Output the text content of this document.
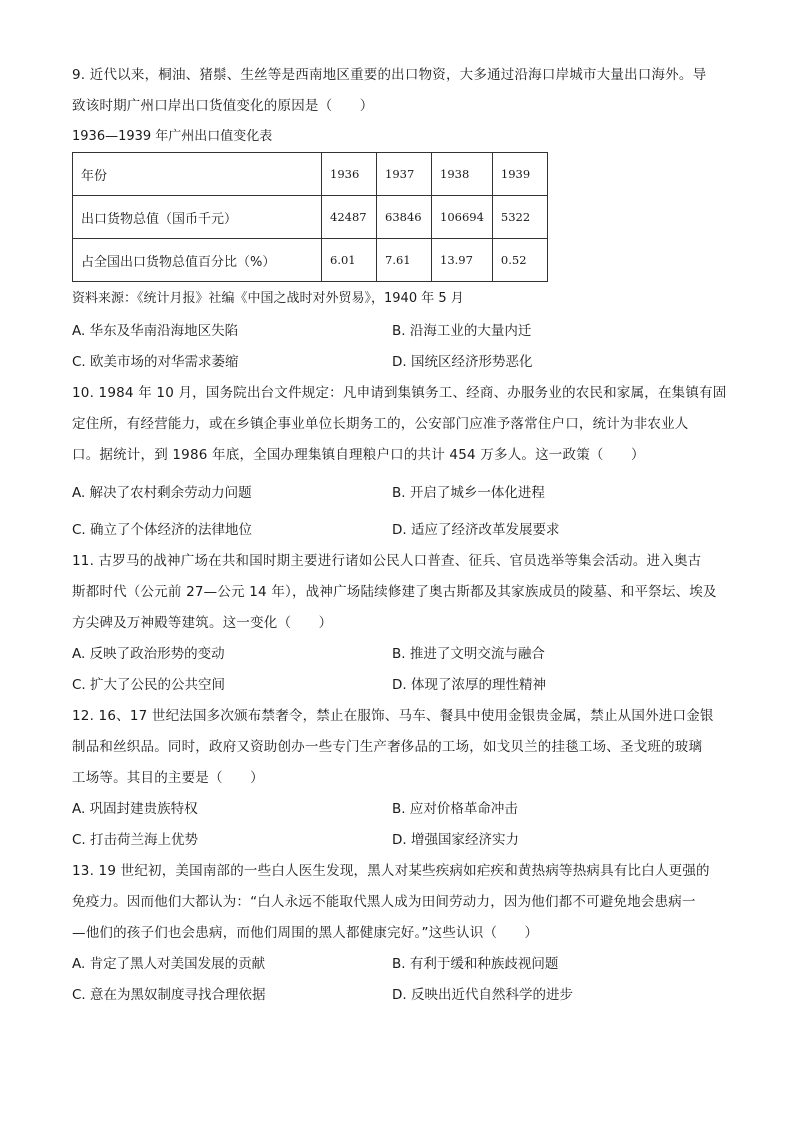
9. 近代以来，桐油、猪鬃、生丝等是西南地区重要的出口物资，大多通过沿海口岸城市大量出口海外。导

致该时期广州口岸出口货值变化的原因是（　　）

1936—1939 年广州出口值变化表
年份	1936	1937	1938	1939
出口货物总值（国币千元）	42487	63846	106694	5322
占全国出口货物总值百分比（%）	6.01	7.61	13.97	0.52
资料来源：《统计月报》社编《中国之战时对外贸易》，1940 年 5 月
A. 华东及华南沿海地区失陷	B. 沿海工业的大量内迁
C. 欧美市场的对华需求萎缩	D. 国统区经济形势恶化

10. 1984 年 10 月，国务院出台文件规定：凡申请到集镇务工、经商、办服务业的农民和家属，在集镇有固

定住所，有经营能力，或在乡镇企事业单位长期务工的，公安部门应准予落常住户口，统计为非农业人

口。据统计，到 1986 年底，全国办理集镇自理粮户口的共计 454 万多人。这一政策（　　）

A. 解决了农村剩余劳动力问题	B. 开启了城乡一体化进程
C. 确立了个体经济的法律地位	D. 适应了经济改革发展要求

11. 古罗马的战神广场在共和国时期主要进行诸如公民人口普查、征兵、官员选举等集会活动。进入奥古

斯都时代（公元前 27—公元 14 年），战神广场陆续修建了奥古斯都及其家族成员的陵墓、和平祭坛、埃及

方尖碑及万神殿等建筑。这一变化（　　）

A. 反映了政治形势的变动	B. 推进了文明交流与融合
C. 扩大了公民的公共空间	D. 体现了浓厚的理性精神

12. 16、17 世纪法国多次颁布禁奢令，禁止在服饰、马车、餐具中使用金银贵金属，禁止从国外进口金银

制品和丝织品。同时，政府又资助创办一些专门生产奢侈品的工场，如戈贝兰的挂毯工场、圣戈班的玻璃

工场等。其目的主要是（　　）

A. 巩固封建贵族特权	B. 应对价格革命冲击
C. 打击荷兰海上优势	D. 增强国家经济实力

13. 19 世纪初，美国南部的一些白人医生发现，黑人对某些疾病如疟疾和黄热病等热病具有比白人更强的

免疫力。因而他们大都认为：“白人永远不能取代黑人成为田间劳动力，因为他们都不可避免地会患病一

—他们的孩子们也会患病，而他们周围的黑人都健康完好。”这些认识（　　）

A. 肯定了黑人对美国发展的贡献	B. 有利于缓和种族歧视问题
C. 意在为黑奴制度寻找合理依据	D. 反映出近代自然科学的进步
